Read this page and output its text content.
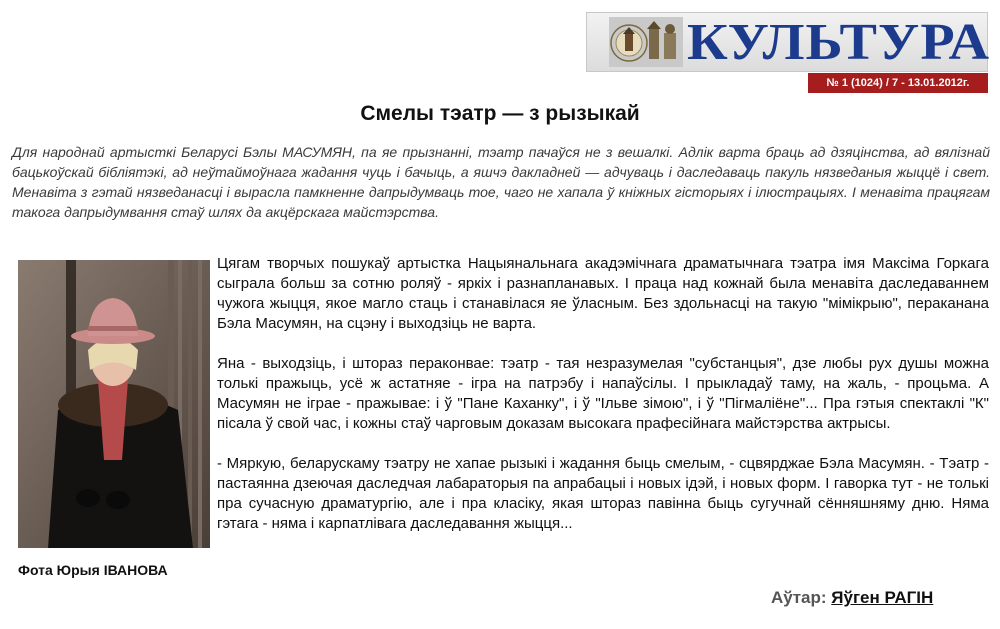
КУЛЬТУРА
№ 1 (1024) / 7 - 13.01.2012г.
Смелы тэатр — з рызыкай
Для народнай артысткі Беларусі Бэлы МАСУМЯН, па яе прызнанні, тэатр пачаўся не з вешалкі. Адлік варта браць ад дзяцінства, ад вялізнай бацькоўскай бібліятэкі, ад неўтаймоўнага жадання чуць і бачыць, а яшчэ дакладней — адчуваць і даследаваць пакуль нязведаныя жыццё і свет. Менавіта з гэтай нязведанасці і вырасла памкненне дапрыдумваць тое, чаго не хапала ў кніжных гісторыях і ілюстрацыях. І менавіта працягам такога дапрыдумвання стаў шлях да акцёрскага майстэрства.
Фота Юрыя ІВАНОВА

Цягам творчых пошукаў артыстка Нацыянальнага акадэмічнага драматычнага тэатра імя Максіма Горкага сыграла больш за сотню роляў - яркіх і разнапланавых. І праца над кожнай была менавіта даследаваннем чужога жыцця, якое магло стаць і станавілася яе ўласным. Без здольнасці на такую "мімікрыю", пераканана Бэла Масумян, на сцэну і выходзіць не варта.

Яна - выходзіць, і штораз пераконвае: тэатр - тая незразумелая "субстанцыя", дзе любы рух душы можна толькі пражыць, усё ж астатняе - ігра на патрэбу і напаўсілы. І прыкладаў таму, на жаль, - процьма. А Масумян не іграе - пражывае: і ў "Пане Каханку", і ў "Ільве зімою", і ў "Пігмаліёне"... Пра гэтыя спектаклі "К" пісала ў свой час, і кожны стаў чарговым доказам высокага прафесійнага майстэрства актрысы.

- Мяркую, беларускаму тэатру не хапае рызыкі і жадання быць смелым, - сцвярджае Бэла Масумян. - Тэатр - пастаянна дзеючая даследчая лабараторыя па апрабацыі і новых ідэй, і новых форм. І гаворка тут - не толькі пра сучасную драматургію, але і пра класіку, якая штораз павінна быць сугучнай сённяшняму дню. Няма гэтага - няма і карпатлівага даследавання жыцця...

Аўтар: Яўген РАГІН
